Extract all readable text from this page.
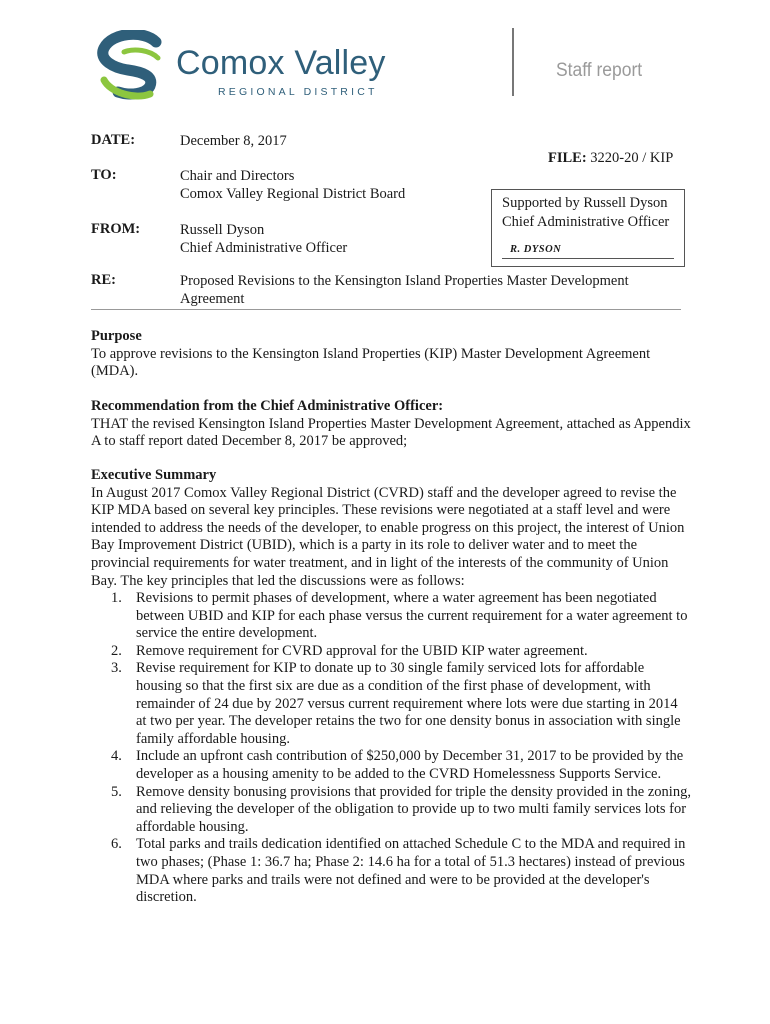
Comox Valley
REGIONAL DISTRICT
Staff report
DATE:	December 8, 2017
FILE: 3220-20 / KIP
TO:	Chair and Directors
Comox Valley Regional District Board
FROM:	Russell Dyson
Chief Administrative Officer
Supported by Russell Dyson
Chief Administrative Officer
R. DYSON
RE:	Proposed Revisions to the Kensington Island Properties Master Development Agreement
Purpose
To approve revisions to the Kensington Island Properties (KIP) Master Development Agreement (MDA).
Recommendation from the Chief Administrative Officer:
THAT the revised Kensington Island Properties Master Development Agreement, attached as Appendix A to staff report dated December 8, 2017 be approved;
Executive Summary
In August 2017 Comox Valley Regional District (CVRD) staff and the developer agreed to revise the KIP MDA based on several key principles. These revisions were negotiated at a staff level and were intended to address the needs of the developer, to enable progress on this project, the interest of Union Bay Improvement District (UBID), which is a party in its role to deliver water and to meet the provincial requirements for water treatment, and in light of the interests of the community of Union Bay. The key principles that led the discussions were as follows:
1. Revisions to permit phases of development, where a water agreement has been negotiated between UBID and KIP for each phase versus the current requirement for a water agreement to service the entire development.
2. Remove requirement for CVRD approval for the UBID KIP water agreement.
3. Revise requirement for KIP to donate up to 30 single family serviced lots for affordable housing so that the first six are due as a condition of the first phase of development, with remainder of 24 due by 2027 versus current requirement where lots were due starting in 2014 at two per year. The developer retains the two for one density bonus in association with single family affordable housing.
4. Include an upfront cash contribution of $250,000 by December 31, 2017 to be provided by the developer as a housing amenity to be added to the CVRD Homelessness Supports Service.
5. Remove density bonusing provisions that provided for triple the density provided in the zoning, and relieving the developer of the obligation to provide up to two multi family services lots for affordable housing.
6. Total parks and trails dedication identified on attached Schedule C to the MDA and required in two phases; (Phase 1: 36.7 ha; Phase 2: 14.6 ha for a total of 51.3 hectares) instead of previous MDA where parks and trails were not defined and were to be provided at the developer's discretion.
